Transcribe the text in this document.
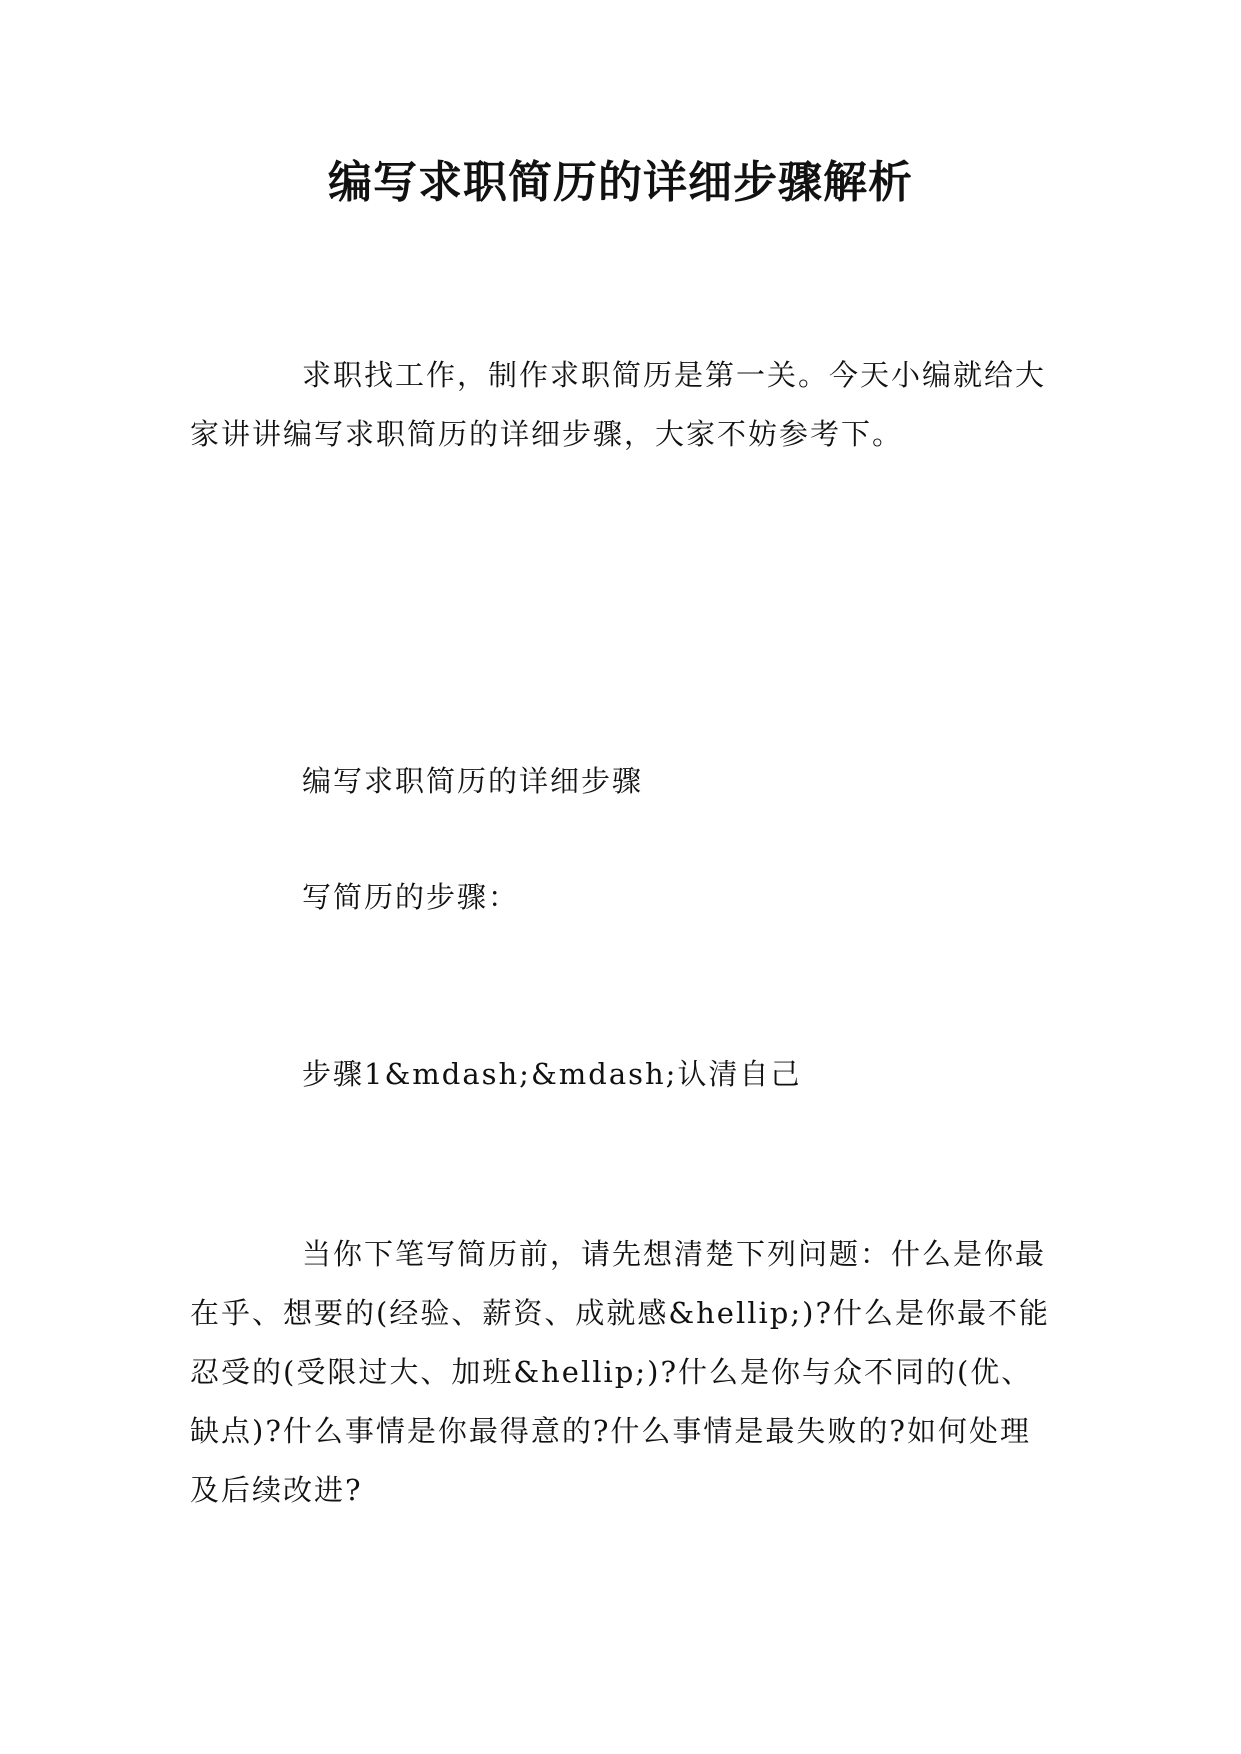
编写求职简历的详细步骤解析

求职找工作，制作求职简历是第一关。今天小编就给大家讲讲编写求职简历的详细步骤，大家不妨参考下。

编写求职简历的详细步骤

写简历的步骤：

步骤1&mdash;&mdash;认清自己

当你下笔写简历前，请先想清楚下列问题：什么是你最在乎、想要的(经验、薪资、成就感&hellip;)?什么是你最不能忍受的(受限过大、加班&hellip;)?什么是你与众不同的(优、缺点)?什么事情是你最得意的?什么事情是最失败的?如何处理及后续改进?
